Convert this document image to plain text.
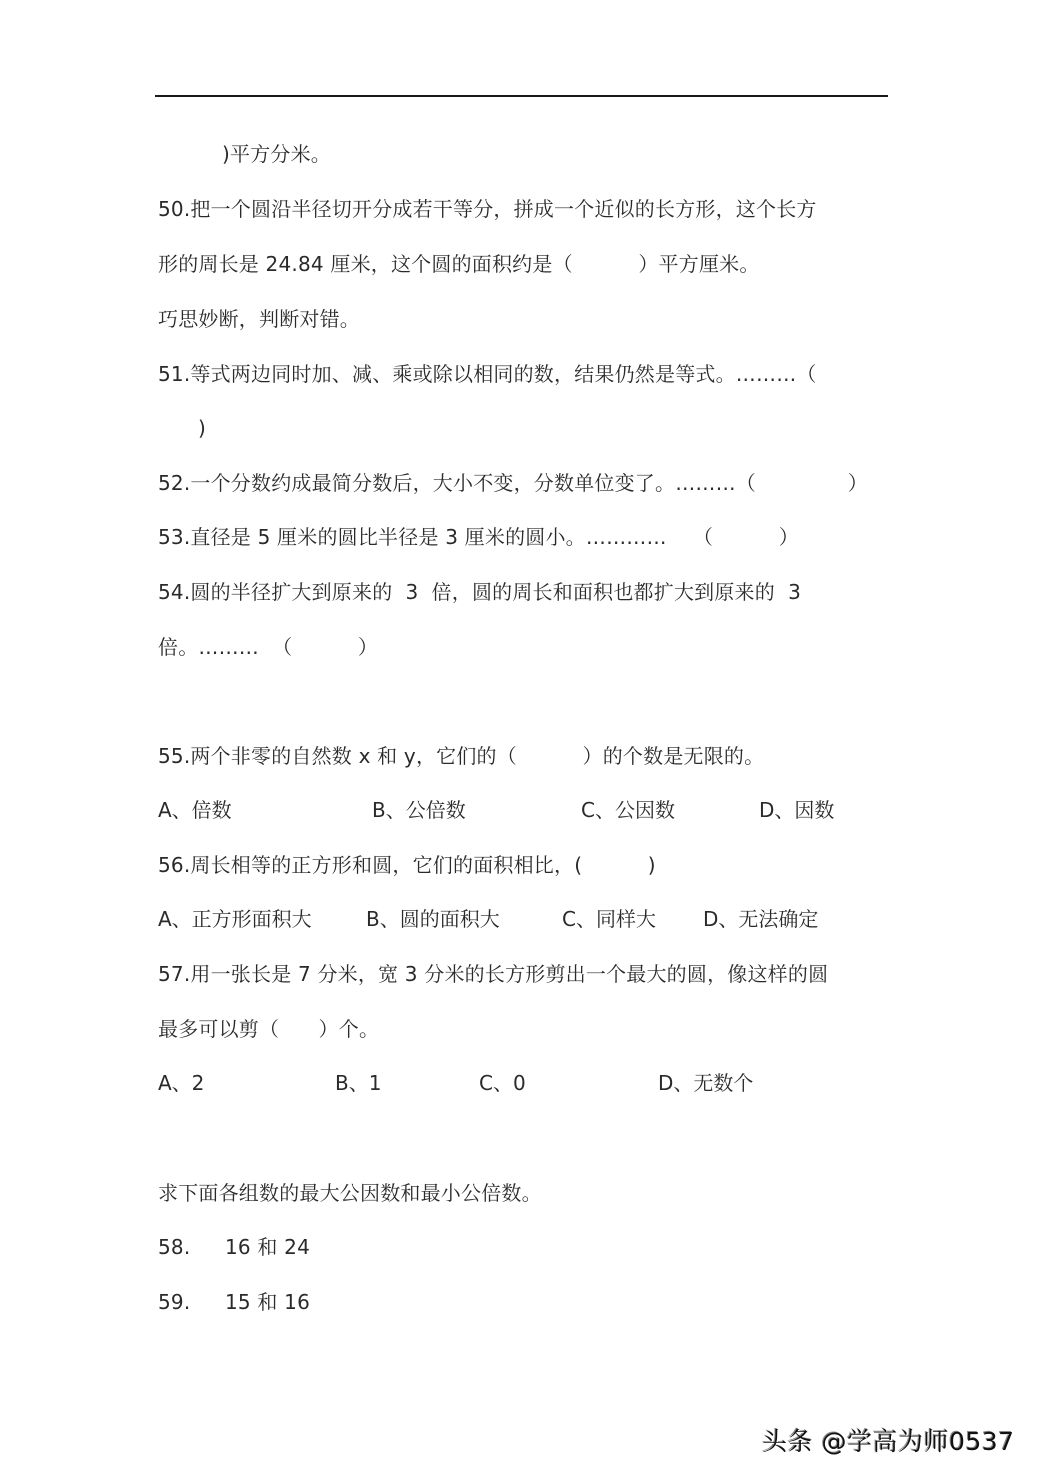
)平方分米。
50.把一个圆沿半径切开分成若干等分，拼成一个近似的长方形，这个长方
形的周长是 24.84 厘米，这个圆的面积约是（          ）平方厘米。
巧思妙断，判断对错。
51.等式两边同时加、减、乘或除以相同的数，结果仍然是等式。………（
)
52.一个分数约成最简分数后，大小不变，分数单位变了。………（              ）
53.直径是 5 厘米的圆比半径是 3 厘米的圆小。…………    （          ）
54.圆的半径扩大到原来的  3  倍，圆的周长和面积也都扩大到原来的  3
倍。………  （          ）
55.两个非零的自然数 x 和 y，它们的（          ）的个数是无限的。
A、倍数	B、公倍数	C、公因数	D、因数
56.周长相等的正方形和圆，它们的面积相比，(          )
A、正方形面积大	B、圆的面积大	C、同样大 D、无法确定
57.用一张长是 7 分米，宽 3 分米的长方形剪出一个最大的圆，像这样的圆
最多可以剪（      ）个。
A、2	B、1	C、0	D、无数个
求下面各组数的最大公因数和最小公倍数。
58. 16 和 24
59. 15 和 16
头条 @学高为师0537
